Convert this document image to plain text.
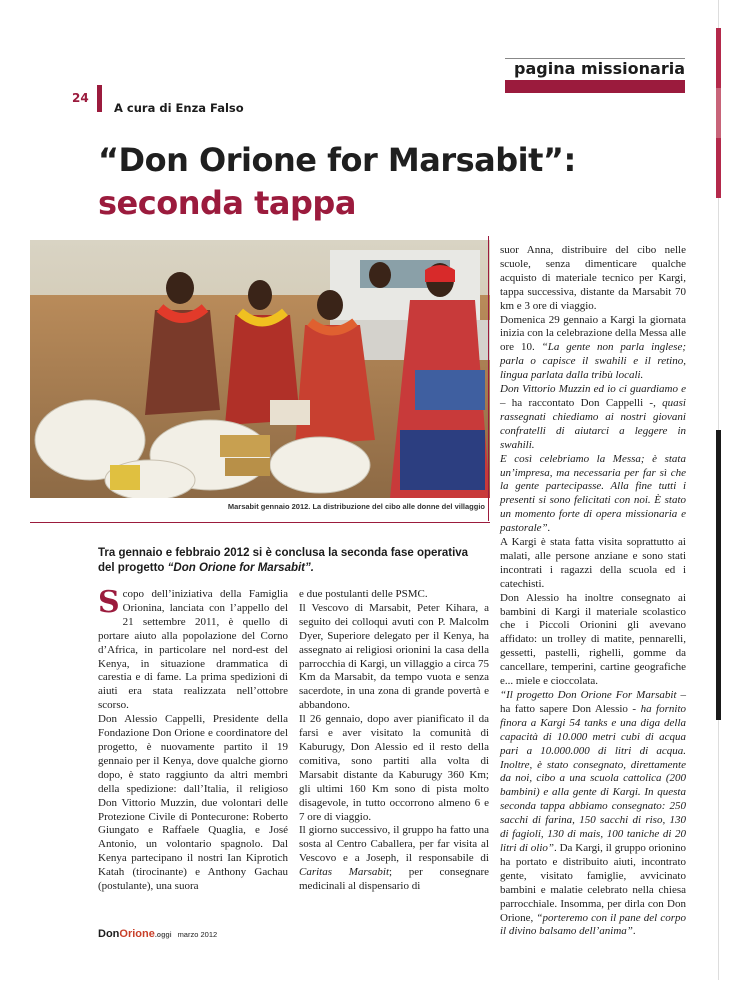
pagina missionaria
24
A cura di Enza Falso
“Don Orione for Marsabit”:
seconda tappa
Marsabit gennaio 2012. La distribuzione del cibo alle donne del villaggio
Tra gennaio e febbraio 2012 si è conclusa la seconda fase operativa del progetto “Don Orione for Marsabit”.

Scopo dell’iniziativa della Famiglia Orionina, lanciata con l’appello del 21 settembre 2011, è quello di portare aiuto alla popolazione del Corno d’Africa, in particolare nel nord-est del Kenya, in situazione drammatica di carestia e di fame. La prima spedizioni di aiuti era stata realizzata nell’ottobre scorso.

Don Alessio Cappelli, Presidente della Fondazione Don Orione e coordinatore del progetto, è nuovamente partito il 19 gennaio per il Kenya, dove qualche giorno dopo, è stato raggiunto da altri membri della spedizione: dall’Italia, il religioso Don Vittorio Muzzin, due volontari delle Protezione Civile di Pontecurone: Roberto Giungato e Raffaele Quaglia, e José Antonio, un volontario spagnolo. Dal Kenya partecipano il nostri Ian Kiprotich Katah (tirocinante) e Anthony Gachau (postulante), una suora

e due postulanti delle PSMC.

Il Vescovo di Marsabit, Peter Kihara, a seguito dei colloqui avuti con P. Malcolm Dyer, Superiore delegato per il Kenya, ha assegnato ai religiosi orionini la casa della parrocchia di Kargi, un villaggio a circa 75 Km da Marsabit, da tempo vuota e senza sacerdote, in una zona di grande povertà e abbandono.

Il 26 gennaio, dopo aver pianificato il da farsi e aver visitato la comunità di Kaburugy, Don Alessio ed il resto della comitiva, sono partiti alla volta di Marsabit distante da Kaburugy 360 Km; gli ultimi 160 Km sono di pista molto disagevole, in tutto occorrono almeno 6 e 7 ore di viaggio.

Il giorno successivo, il gruppo ha fatto una sosta al Centro Caballera, per far visita al Vescovo e a Joseph, il responsabile di Caritas Marsabit; per consegnare medicinali al dispensario di

suor Anna, distribuire del cibo nelle scuole, senza dimenticare qualche acquisto di materiale tecnico per Kargi, tappa successiva, distante da Marsabit 70 km e 3 ore di viaggio.

Domenica 29 gennaio a Kargi la giornata inizia con la celebrazione della Messa alle ore 10. “La gente non parla inglese; parla o capisce il swahili e il retino, lingua parlata dalla tribù locali.

Don Vittorio Muzzin ed io ci guardiamo e – ha raccontato Don Cappelli -, quasi rassegnati chiediamo ai nostri giovani confratelli di aiutarci a leggere in swahili.

E così celebriamo la Messa; è stata un’impresa, ma necessaria per far sì che la gente partecipasse. Alla fine tutti i presenti si sono felicitati con noi. È stato un momento forte di opera missionaria e pastorale”.

A Kargi è stata fatta visita soprattutto ai malati, alle persone anziane e sono stati incontrati i ragazzi della scuola ed i catechisti.

Don Alessio ha inoltre consegnato ai bambini di Kargi il materiale scolastico che i Piccoli Orionini gli avevano affidato: un trolley di matite, pennarelli, gessetti, pastelli, righelli, gomme da cancellare, temperini, cartine geografiche e... miele e cioccolata.

“Il progetto Don Orione For Marsabit – ha fatto sapere Don Alessio - ha fornito finora a Kargi 54 tanks e una diga della capacità di 10.000 metri cubi di acqua pari a 10.000.000 di litri di acqua. Inoltre, è stato consegnato, direttamente da noi, cibo a una scuola cattolica (200 bambini) e alla gente di Kargi. In questa seconda tappa abbiamo consegnato: 250 sacchi di farina, 150 sacchi di riso, 130 di fagioli, 130 di mais, 100 taniche di 20 litri di olio”. Da Kargi, il gruppo orionino ha portato e distribuito aiuti, incontrato gente, visitato famiglie, avvicinato bambini e malatie celebrato nella chiesa parrocchiale. Insomma, per dirla con Don Orione, “porteremo con il pane del corpo il divino balsamo dell’anima”.

DonOrione.oggi marzo 2012
